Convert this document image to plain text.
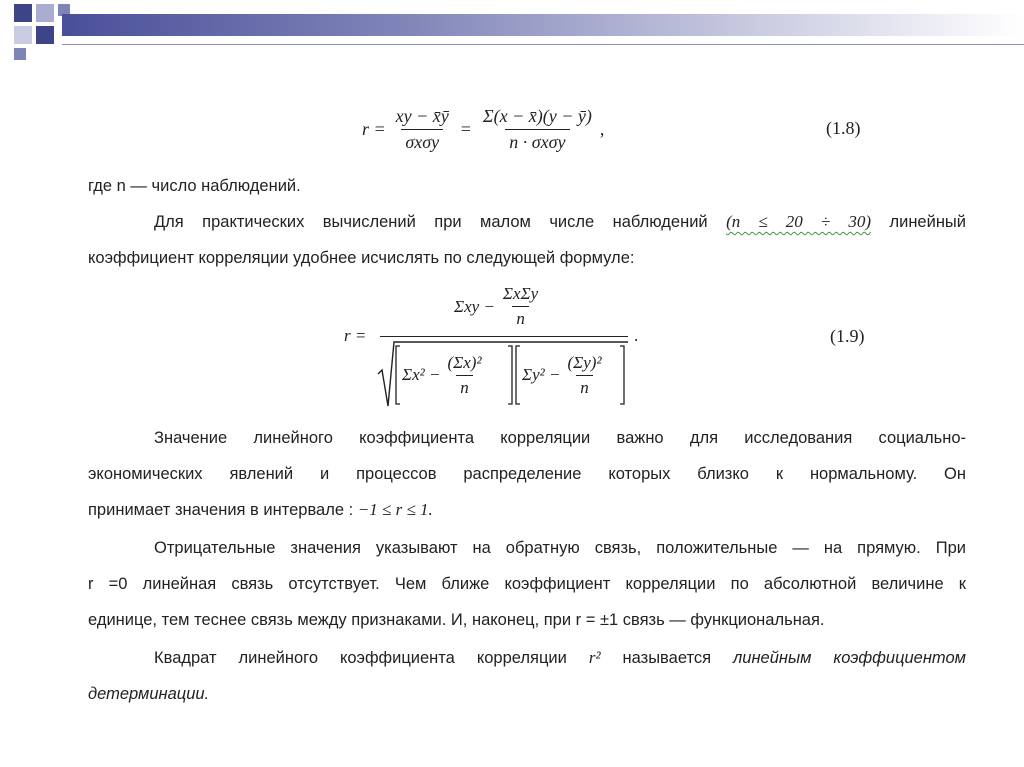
$r = \frac{xy - x̄ȳ}{\text{σxσy}} = \frac{\Sigma(x - x̄)(y - ȳ)}{\text{n · σxσy}}$ ,	(1.8)
где n — число наблюдений.
Для практических вычислений при малом числе наблюдений (n ≤ 20 ÷ 30) линейный
коэффициент корреляции удобнее исчислять по следующей формуле:
r =
$\Sigma xy - \frac{\text{ΣxΣy}}{n}$
$\Sigma x^2 - \frac{\text{(Σx)²}}{n} \Sigma y^2 - \frac{\text{(Σy)²}}{n}$
.	(1.9)
Значение линейного коэффициента корреляции важно для исследования социально-
экономических явлений и процессов распределение которых близко к нормальному. Он
принимает значения в интервале : −1 ≤ r ≤ 1.
Отрицательные значения указывают на обратную связь, положительные — на прямую. При
r =0 линейная связь отсутствует. Чем ближе коэффициент корреляции по абсолютной величине к
единице, тем теснее связь между признаками. И, наконец, при r = ±1 связь — функциональная.
Квадрат линейного коэффициента корреляции r² называется линейным коэффициентом
детерминации.
